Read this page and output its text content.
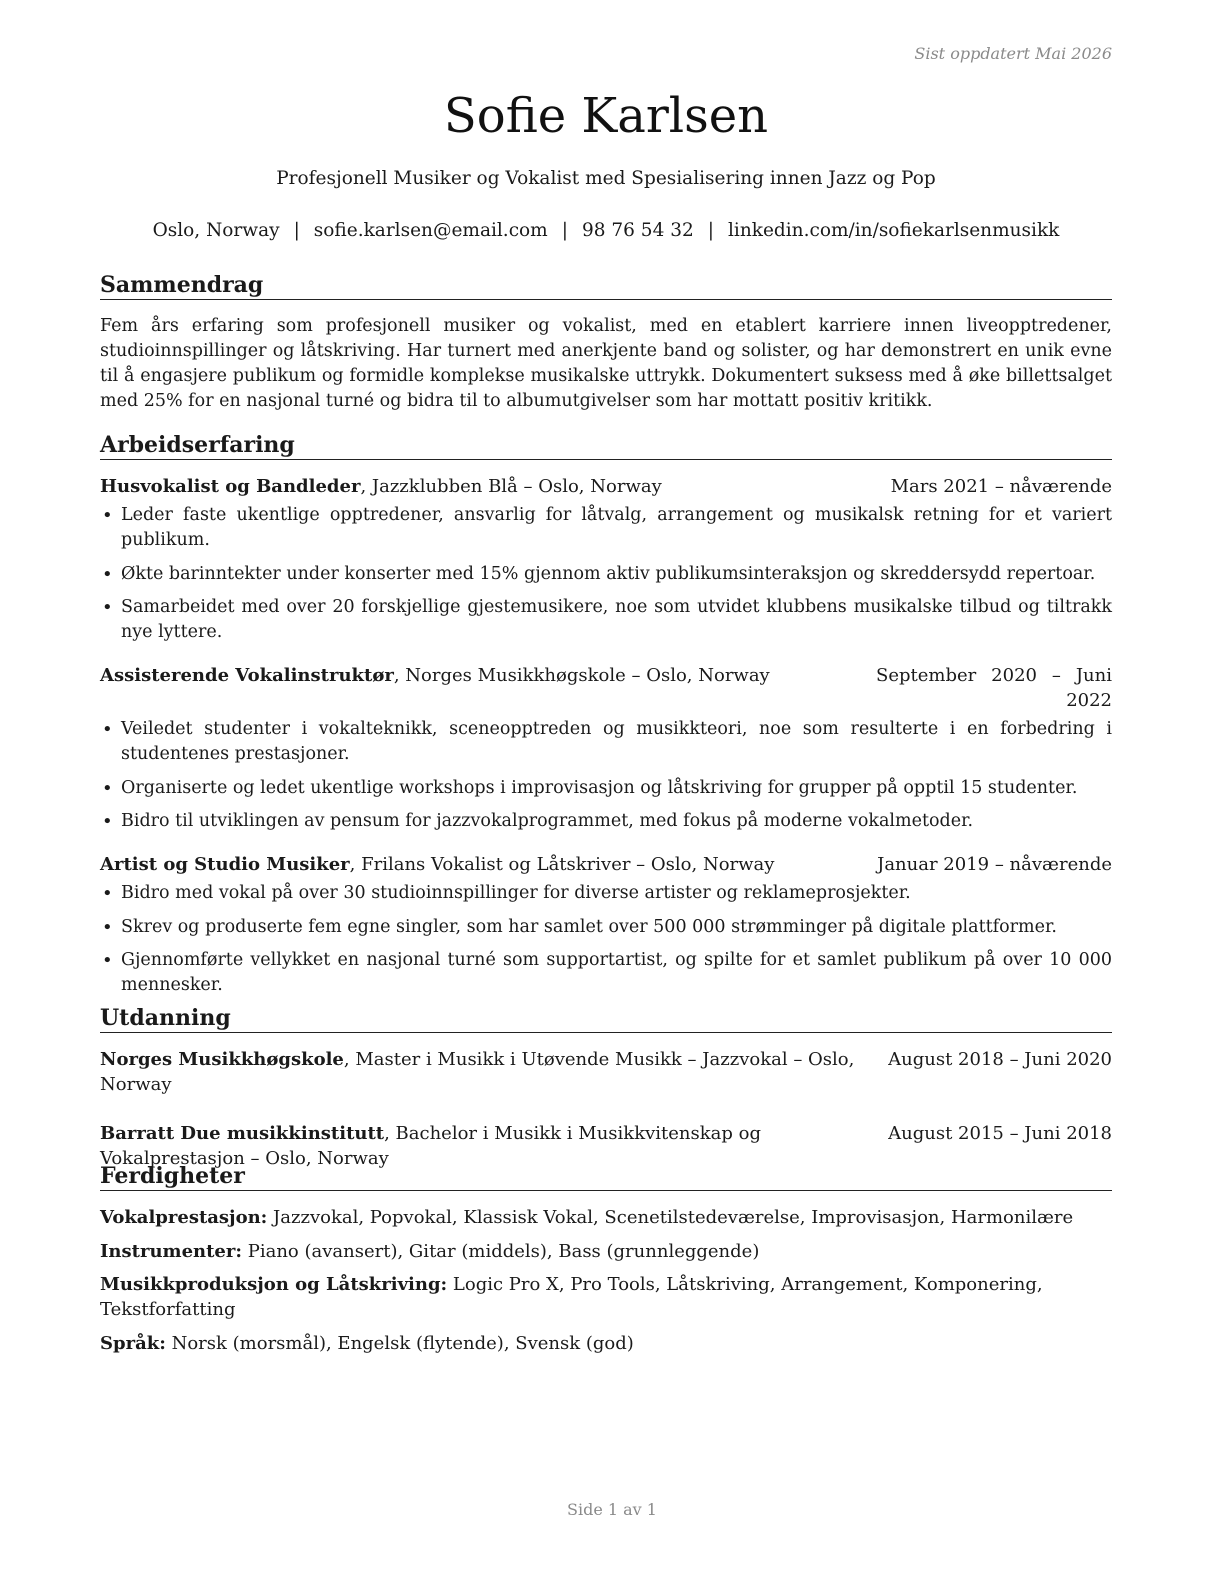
Sist oppdatert Mai 2026
Sofie Karlsen
Profesjonell Musiker og Vokalist med Spesialisering innen Jazz og Pop
Oslo, Norway | sofie.karlsen@email.com | 98 76 54 32 | linkedin.com/in/sofiekarlsenmusikk
Sammendrag

Fem års erfaring som profesjonell musiker og vokalist, med en etablert karriere innen liveopptredener, studioinnspillinger og låtskriving. Har turnert med anerkjente band og solister, og har demonstrert en unik evne til å engasjere publikum og formidle komplekse musikalske uttrykk. Dokumentert suksess med å øke billettsalget med 25% for en nasjonal turné og bidra til to albumutgivelser som har mottatt positiv kritikk.

Arbeidserfaring
Husvokalist og Bandleder, Jazzklubben Blå – Oslo, Norway	Mars 2021 – nåværende
• Leder faste ukentlige opptredener, ansvarlig for låtvalg, arrangement og musikalsk retning for et variert publikum.
• Økte barinntekter under konserter med 15% gjennom aktiv publikumsinteraksjon og skreddersydd repertoar.
• Samarbeidet med over 20 forskjellige gjestemusikere, noe som utvidet klubbens musikalske tilbud og tiltrakk nye lyttere.
Assisterende Vokalinstruktør, Norges Musikkhøgskole – Oslo, Norway	September 2020 – Juni 2022
• Veiledet studenter i vokalteknikk, sceneopptreden og musikkteori, noe som resulterte i en forbedring i studentenes prestasjoner.
• Organiserte og ledet ukentlige workshops i improvisasjon og låtskriving for grupper på opptil 15 studenter.
• Bidro til utviklingen av pensum for jazzvokalprogrammet, med fokus på moderne vokalmetoder.
Artist og Studio Musiker, Frilans Vokalist og Låtskriver – Oslo, Norway	Januar 2019 – nåværende
• Bidro med vokal på over 30 studioinnspillinger for diverse artister og reklameprosjekter.
• Skrev og produserte fem egne singler, som har samlet over 500 000 strømminger på digitale plattformer.
• Gjennomførte vellykket en nasjonal turné som supportartist, og spilte for et samlet publikum på over 10 000 mennesker.
Utdanning
Norges Musikkhøgskole, Master i Musikk i Utøvende Musikk – Jazzvokal – Oslo, Norway
August 2018 – Juni 2020
Barratt Due musikkinstitutt, Bachelor i Musikk i Musikkvitenskap og Vokalprestasjon – Oslo, Norway
August 2015 – Juni 2018
Ferdigheter

Vokalprestasjon: Jazzvokal, Popvokal, Klassisk Vokal, Scenetilstedeværelse, Improvisasjon, Harmonilære

Instrumenter: Piano (avansert), Gitar (middels), Bass (grunnleggende)

Musikkproduksjon og Låtskriving: Logic Pro X, Pro Tools, Låtskriving, Arrangement, Komponering, Tekstforfatting

Språk: Norsk (morsmål), Engelsk (flytende), Svensk (god)

Side 1 av 1
